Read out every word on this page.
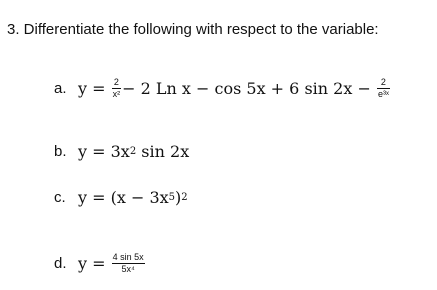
3. Differentiate the following with respect to the variable:
a. $y = \frac{2}{\text{x²}} - 2$ Ln x − cos 5x + 6 $\sin 2x - \frac{2}{\text{e³ˣ}}$
b. y = 3x 2 sin 2x
c. y = (x − 3x 5 ) 2
d. $y = \frac{4 \sin 5x}{\text{5x⁴}}$
